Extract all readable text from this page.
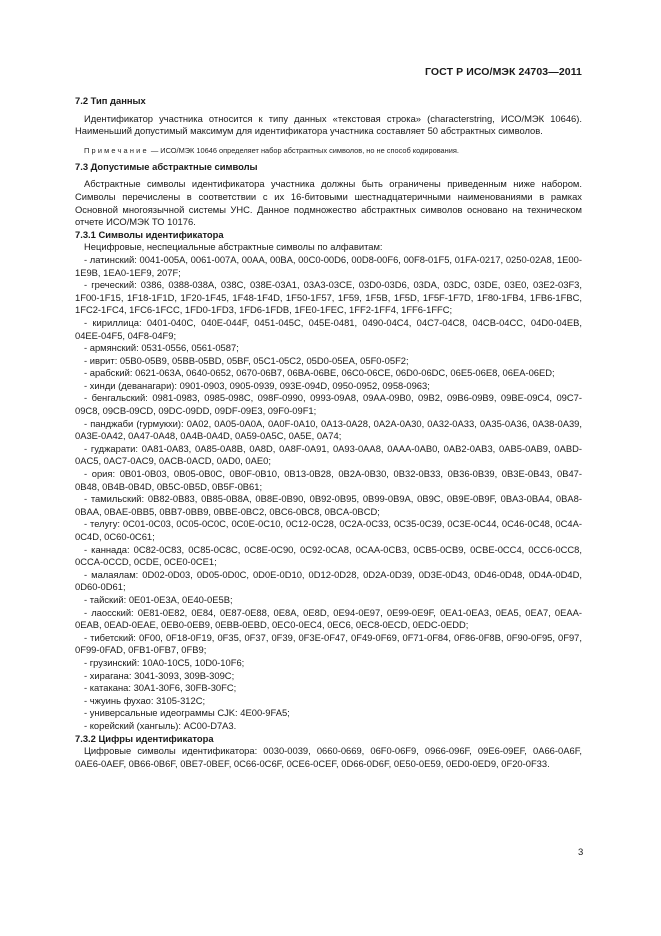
ГОСТ Р ИСО/МЭК 24703—2011

7.2 Тип данных

Идентификатор участника относится к типу данных «текстовая строка» (characterstring, ИСО/МЭК 10646). Наименьший допустимый максимум для идентификатора участника составляет 50 абстрактных символов.

Примечание — ИСО/МЭК 10646 определяет набор абстрактных символов, но не способ кодирования.

7.3 Допустимые абстрактные символы

Абстрактные символы идентификатора участника должны быть ограничены приведенным ниже набором. Символы перечислены в соответствии с их 16-битовыми шестнадцатеричными наименованиями в рамках Основной многоязычной системы УНС. Данное подмножество абстрактных символов основано на техническом отчете ИСО/МЭК ТО 10176.

7.3.1 Символы идентификатора

Нецифровые, неспециальные абстрактные символы по алфавитам:

- латинский: 0041-005A, 0061-007A, 00AA, 00BA, 00C0-00D6, 00D8-00F6, 00F8-01F5, 01FA-0217, 0250-02A8, 1E00-1E9B, 1EA0-1EF9, 207F;

- греческий: 0386, 0388-038A, 038C, 038E-03A1, 03A3-03CE, 03D0-03D6, 03DA, 03DC, 03DE, 03E0, 03E2-03F3, 1F00-1F15, 1F18-1F1D, 1F20-1F45, 1F48-1F4D, 1F50-1F57, 1F59, 1F5B, 1F5D, 1F5F-1F7D, 1F80-1FB4, 1FB6-1FBC, 1FC2-1FC4, 1FC6-1FCC, 1FD0-1FD3, 1FD6-1FDB, 1FE0-1FEC, 1FF2-1FF4, 1FF6-1FFC;

- кириллица: 0401-040C, 040E-044F, 0451-045C, 045E-0481, 0490-04C4, 04C7-04C8, 04CB-04CC, 04D0-04EB, 04EE-04F5, 04F8-04F9;

- армянский: 0531-0556, 0561-0587;

- иврит: 05B0-05B9, 05BB-05BD, 05BF, 05C1-05C2, 05D0-05EA, 05F0-05F2;

- арабский: 0621-063A, 0640-0652, 0670-06B7, 06BA-06BE, 06C0-06CE, 06D0-06DC, 06E5-06E8, 06EA-06ED;

- хинди (деванагари): 0901-0903, 0905-0939, 093E-094D, 0950-0952, 0958-0963;

- бенгальский: 0981-0983, 0985-098C, 098F-0990, 0993-09A8, 09AA-09B0, 09B2, 09B6-09B9, 09BE-09C4, 09C7-09C8, 09CB-09CD, 09DC-09DD, 09DF-09E3, 09F0-09F1;

- панджаби (гурмукхи): 0A02, 0A05-0A0A, 0A0F-0A10, 0A13-0A28, 0A2A-0A30, 0A32-0A33, 0A35-0A36, 0A38-0A39, 0A3E-0A42, 0A47-0A48, 0A4B-0A4D, 0A59-0A5C, 0A5E, 0A74;

- гуджарати: 0A81-0A83, 0A85-0A8B, 0A8D, 0A8F-0A91, 0A93-0AA8, 0AAA-0AB0, 0AB2-0AB3, 0AB5-0AB9, 0ABD-0AC5, 0AC7-0AC9, 0ACB-0ACD, 0AD0, 0AE0;

- ория: 0B01-0B03, 0B05-0B0C, 0B0F-0B10, 0B13-0B28, 0B2A-0B30, 0B32-0B33, 0B36-0B39, 0B3E-0B43, 0B47-0B48, 0B4B-0B4D, 0B5C-0B5D, 0B5F-0B61;

- тамильский: 0B82-0B83, 0B85-0B8A, 0B8E-0B90, 0B92-0B95, 0B99-0B9A, 0B9C, 0B9E-0B9F, 0BA3-0BA4, 0BA8-0BAA, 0BAE-0BB5, 0BB7-0BB9, 0BBE-0BC2, 0BC6-0BC8, 0BCA-0BCD;

- телугу: 0C01-0C03, 0C05-0C0C, 0C0E-0C10, 0C12-0C28, 0C2A-0C33, 0C35-0C39, 0C3E-0C44, 0C46-0C48, 0C4A-0C4D, 0C60-0C61;

- каннада: 0C82-0C83, 0C85-0C8C, 0C8E-0C90, 0C92-0CA8, 0CAA-0CB3, 0CB5-0CB9, 0CBE-0CC4, 0CC6-0CC8, 0CCA-0CCD, 0CDE, 0CE0-0CE1;

- малаялам: 0D02-0D03, 0D05-0D0C, 0D0E-0D10, 0D12-0D28, 0D2A-0D39, 0D3E-0D43, 0D46-0D48, 0D4A-0D4D, 0D60-0D61;

- тайский: 0E01-0E3A, 0E40-0E5B;

- лаосский: 0E81-0E82, 0E84, 0E87-0E88, 0E8A, 0E8D, 0E94-0E97, 0E99-0E9F, 0EA1-0EA3, 0EA5, 0EA7, 0EAA-0EAB, 0EAD-0EAE, 0EB0-0EB9, 0EBB-0EBD, 0EC0-0EC4, 0EC6, 0EC8-0ECD, 0EDC-0EDD;

- тибетский: 0F00, 0F18-0F19, 0F35, 0F37, 0F39, 0F3E-0F47, 0F49-0F69, 0F71-0F84, 0F86-0F8B, 0F90-0F95, 0F97, 0F99-0FAD, 0FB1-0FB7, 0FB9;

- грузинский: 10A0-10C5, 10D0-10F6;

- хирагана: 3041-3093, 309B-309C;

- катакана: 30A1-30F6, 30FB-30FC;

- чжуинь фухао: 3105-312C;

- универсальные идеограммы CJK: 4E00-9FA5;

- корейский (хангыль): AC00-D7A3.

7.3.2 Цифры идентификатора

Цифровые символы идентификатора: 0030-0039, 0660-0669, 06F0-06F9, 0966-096F, 09E6-09EF, 0A66-0A6F, 0AE6-0AEF, 0B66-0B6F, 0BE7-0BEF, 0C66-0C6F, 0CE6-0CEF, 0D66-0D6F, 0E50-0E59, 0ED0-0ED9, 0F20-0F33.

3
